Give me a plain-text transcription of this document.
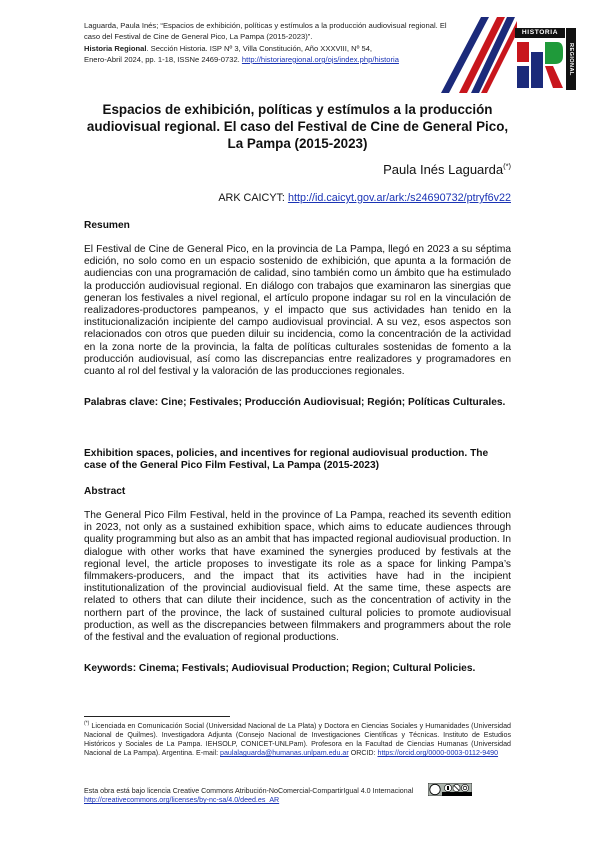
Laguarda, Paula Inés; “Espacios de exhibición, políticas y estímulos a la producción audiovisual regional. El
caso del Festival de Cine de General Pico, La Pampa (2015-2023)”.
Historia Regional. Sección Historia. ISP Nº 3, Villa Constitución, Año XXXVIII, Nº 54,
Enero-Abril 2024, pp. 1-18, ISSNe 2469-0732. http://historiaregional.org/ojs/index.php/historia
HISTORIA
REGIONAL
Espacios de exhibición, políticas y estímulos a la producción audiovisual regional. El caso del Festival de Cine de General Pico, La Pampa (2015-2023)
Paula Inés Laguarda(*)
ARK CAICYT: http://id.caicyt.gov.ar/ark:/s24690732/ptryf6v22
Resumen
El Festival de Cine de General Pico, en la provincia de La Pampa, llegó en 2023 a su séptima edición, no solo como en un espacio sostenido de exhibición, que apunta a la formación de audiencias con una programación de calidad, sino también como un ámbito que ha estimulado la producción audiovisual regional. En diálogo con trabajos que examinaron las sinergias que generan los festivales a nivel regional, el artículo propone indagar su rol en la vinculación de realizadores-productores pampeanos, y el impacto que sus actividades han tenido en la institucionalización incipiente del campo audiovisual provincial. A su vez, esos aspectos son relacionados con otros que pueden diluir su incidencia, como la concentración de la actividad en la zona norte de la provincia, la falta de políticas culturales sostenidas de fomento a la producción audiovisual, así como las discrepancias entre realizadores y programadores en cuanto al rol del festival y la valoración de las producciones regionales.
Palabras clave: Cine; Festivales; Producción Audiovisual; Región; Políticas Culturales.
Exhibition spaces, policies, and incentives for regional audiovisual production. The case of the General Pico Film Festival, La Pampa (2015-2023)
Abstract
The General Pico Film Festival, held in the province of La Pampa, reached its seventh edition in 2023, not only as a sustained exhibition space, which aims to educate audiences through quality programming but also as an ambit that has impacted regional audiovisual production. In dialogue with other works that have examined the synergies produced by festivals at the regional level, the article proposes to investigate its role as a space for linking Pampa’s filmmakers-producers, and the impact that its activities have had in the incipient institutionalization of the provincial audiovisual field. At the same time, these aspects are related to others that can dilute their incidence, such as the concentration of activity in the northern part of the province, the lack of sustained cultural policies to promote audiovisual production, as well as the discrepancies between filmmakers and programmers about the role of the festival and the evaluation of regional productions.
Keywords: Cinema; Festivals; Audiovisual Production; Region; Cultural Policies.
(*) Licenciada en Comunicación Social (Universidad Nacional de La Plata) y Doctora en Ciencias Sociales y Humanidades (Universidad Nacional de Quilmes). Investigadora Adjunta (Consejo Nacional de Investigaciones Científicas y Técnicas. Instituto de Estudios Históricos y Sociales de La Pampa. IEHSOLP, CONICET-UNLPam). Profesora en la Facultad de Ciencias Humanas (Universidad Nacional de La Pampa). Argentina. E-mail: paulalaguarda@humanas.unlpam.edu.ar ORCID: https://orcid.org/0000-0003-0112-9490
Esta obra está bajo licencia Creative Commons Atribución-NoComercial-CompartirIgual 4.0 Internacional
http://creativecommons.org/licenses/by-nc-sa/4.0/deed.es_AR
